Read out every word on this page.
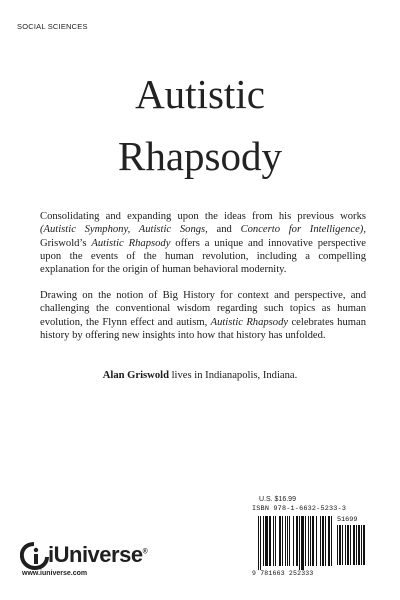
SOCIAL SCIENCES
Autistic
Rhapsody

Consolidating and expanding upon the ideas from his previous works (Autistic Symphony, Autistic Songs, and Concerto for Intelligence), Griswold’s Autistic Rhapsody offers a unique and innovative perspective upon the events of the human revolution, including a compelling explanation for the origin of human behavioral modernity.

Drawing on the notion of Big History for context and perspective, and challenging the conventional wisdom regarding such topics as human evolution, the Flynn effect and autism, Autistic Rhapsody celebrates human history by offering new insights into how that history has unfolded.

Alan Griswold lives in Indianapolis, Indiana.

U.S. $16.99
ISBN 978-1-6632-5233-3
51699
9 781663 252333
iUniverse®
www.iuniverse.com
